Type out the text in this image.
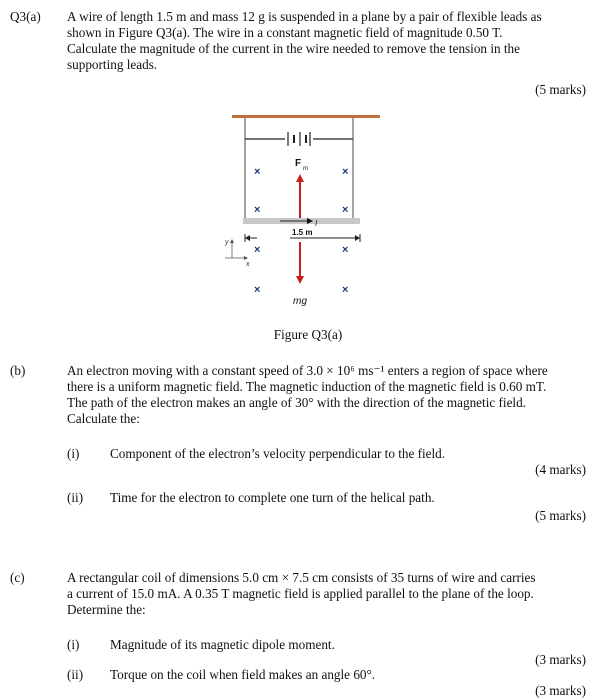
Q3(a) A wire of length 1.5 m and mass 12 g is suspended in a plane by a pair of flexible leads as
shown in Figure Q3(a). The wire in a constant magnetic field of magnitude 0.50 T.
Calculate the magnitude of the current in the wire needed to remove the tension in the
supporting leads.
(5 marks)
I
×	×
×	×
×	×
×	×
F m
1.5 m
mg
y
x
Figure Q3(a)
(b)	An electron moving with a constant speed of 3.0 × 10⁶ ms⁻¹ enters a region of space where
there is a uniform magnetic field. The magnetic induction of the magnetic field is 0.60 mT.
The path of the electron makes an angle of 30° with the direction of the magnetic field.
Calculate the:
(i) Component of the electron’s velocity perpendicular to the field.
(4 marks)
(ii) Time for the electron to complete one turn of the helical path.
(5 marks)
(c)	A rectangular coil of dimensions 5.0 cm × 7.5 cm consists of 35 turns of wire and carries
a current of 15.0 mA. A 0.35 T magnetic field is applied parallel to the plane of the loop.
Determine the:
(i) Magnitude of its magnetic dipole moment.
(3 marks)
(ii) Torque on the coil when field makes an angle 60°.
(3 marks)
